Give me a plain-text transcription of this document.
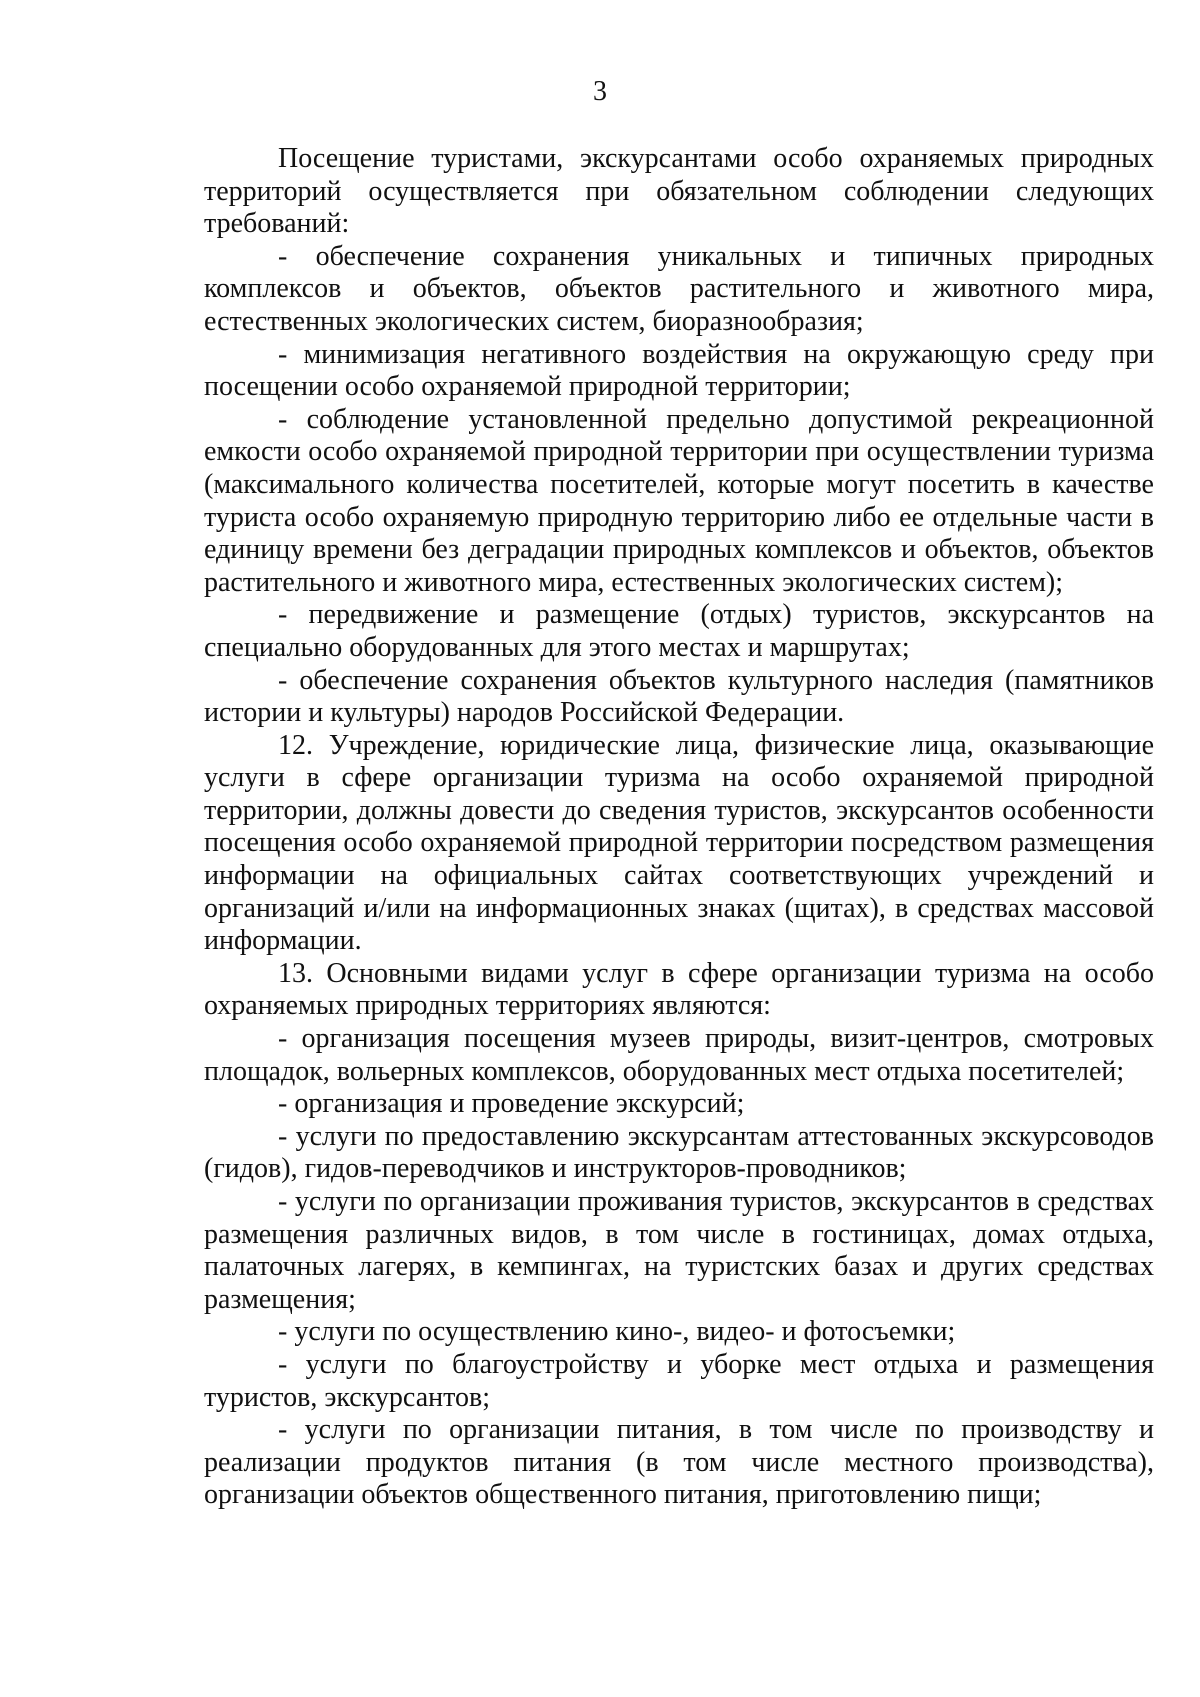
3

Посещение туристами, экскурсантами особо охраняемых природных территорий осуществляется при обязательном соблюдении следующих требований:

- обеспечение сохранения уникальных и типичных природных комплексов и объектов, объектов растительного и животного мира, естественных экологических систем, биоразнообразия;

- минимизация негативного воздействия на окружающую среду при посещении особо охраняемой природной территории;

- соблюдение установленной предельно допустимой рекреационной емкости особо охраняемой природной территории при осуществлении туризма (максимального количества посетителей, которые могут посетить в качестве туриста особо охраняемую природную территорию либо ее отдельные части в единицу времени без деградации природных комплексов и объектов, объектов растительного и животного мира, естественных экологических систем);

- передвижение и размещение (отдых) туристов, экскурсантов на специально оборудованных для этого местах и маршрутах;

- обеспечение сохранения объектов культурного наследия (памятников истории и культуры) народов Российской Федерации.

12. Учреждение, юридические лица, физические лица, оказывающие услуги в сфере организации туризма на особо охраняемой природной территории, должны довести до сведения туристов, экскурсантов особенности посещения особо охраняемой природной территории посредством размещения информации на официальных сайтах соответствующих учреждений и организаций и/или на информационных знаках (щитах), в средствах массовой информации.

13. Основными видами услуг в сфере организации туризма на особо охраняемых природных территориях являются:

- организация посещения музеев природы, визит-центров, смотровых площадок, вольерных комплексов, оборудованных мест отдыха посетителей;

- организация и проведение экскурсий;

- услуги по предоставлению экскурсантам аттестованных экскурсоводов (гидов), гидов-переводчиков и инструкторов-проводников;

- услуги по организации проживания туристов, экскурсантов в средствах размещения различных видов, в том числе в гостиницах, домах отдыха, палаточных лагерях, в кемпингах, на туристских базах и других средствах размещения;

- услуги по осуществлению кино-, видео- и фотосъемки;

- услуги по благоустройству и уборке мест отдыха и размещения туристов, экскурсантов;

- услуги по организации питания, в том числе по производству и реализации продуктов питания (в том числе местного производства), организации объектов общественного питания, приготовлению пищи;
